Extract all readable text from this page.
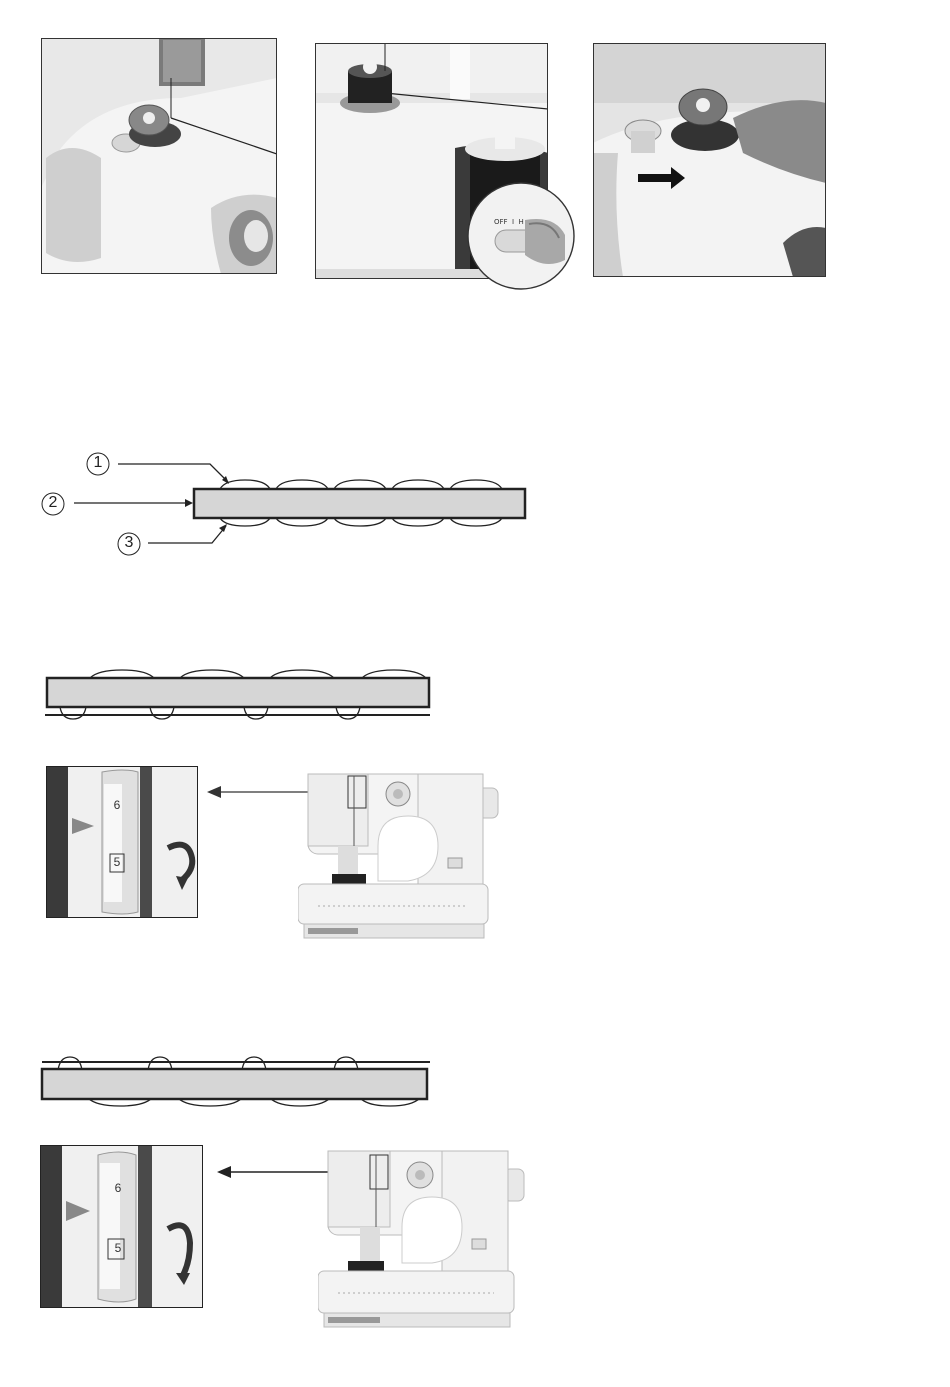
OFF  I  H
1
2
3
6
5
6
5
